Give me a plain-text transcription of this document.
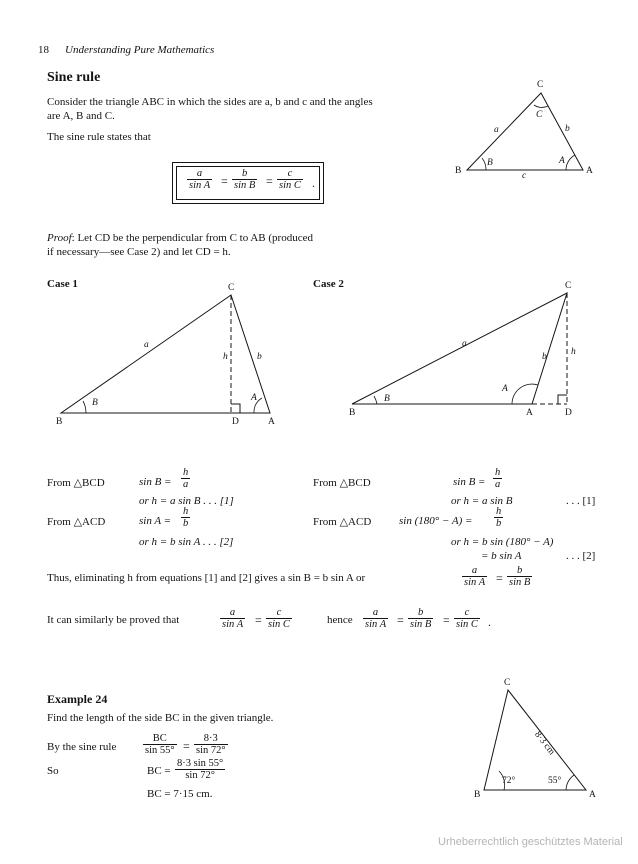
18 Understanding Pure Mathematics
Sine rule
Consider the triangle ABC in which the sides are a, b and c and the angles
are A, B and C.
The sine rule states that
$\frac{a}{\text{sin A}} = \frac{b}{\text{sin B}} = \frac{c}{\text{sin C}}$ .
C
B	A
a	b
c
B	A
C
Proof: Let CD be the perpendicular from C to AB (produced
if necessary—see Case 2) and let CD = h.
Case 1	C
B	D	A
a
h	b
B	A
Case 2	C
B	A	D
a
b	h
B
A
From △BCD	$\sin B = \frac{h}{a}$
or h = a sin B . . . [1]
From △ACD	$\sin A = \frac{h}{b}$
or h = b sin A . . . [2]
From △BCD	$\sin B = \frac{h}{a}$
or h = a sin B	. . . [1]
From △ACD	$\sin (180^\circ - A) = \frac{h}{b}$
or h = b sin (180° − A)
= b sin A	. . . [2]
Thus, eliminating h from equations [1] and [2] gives a sin B = b sin A or	$\frac{a}{\text{sin A}} = \frac{b}{\text{sin B}}$
It can similarly be proved that	$\frac{a}{\text{sin A}} = \frac{c}{\text{sin C}}$	hence $\frac{a}{\text{sin A}} = \frac{b}{\text{sin B}} = \frac{c}{\text{sin C}}$ .
Example 24
Find the length of the side BC in the given triangle.
By the sine rule	$\frac{BC}{\sin 55^\circ} = \frac{8\cdot 3}{\sin 72^\circ}$
So	BC = $\frac{8\cdot 3 \sin 55^\circ}{\sin 72^\circ}$
BC = 7·15 cm.
C
B	A
8·3 cm
72°	55°
Urheberrechtlich geschütztes Material
